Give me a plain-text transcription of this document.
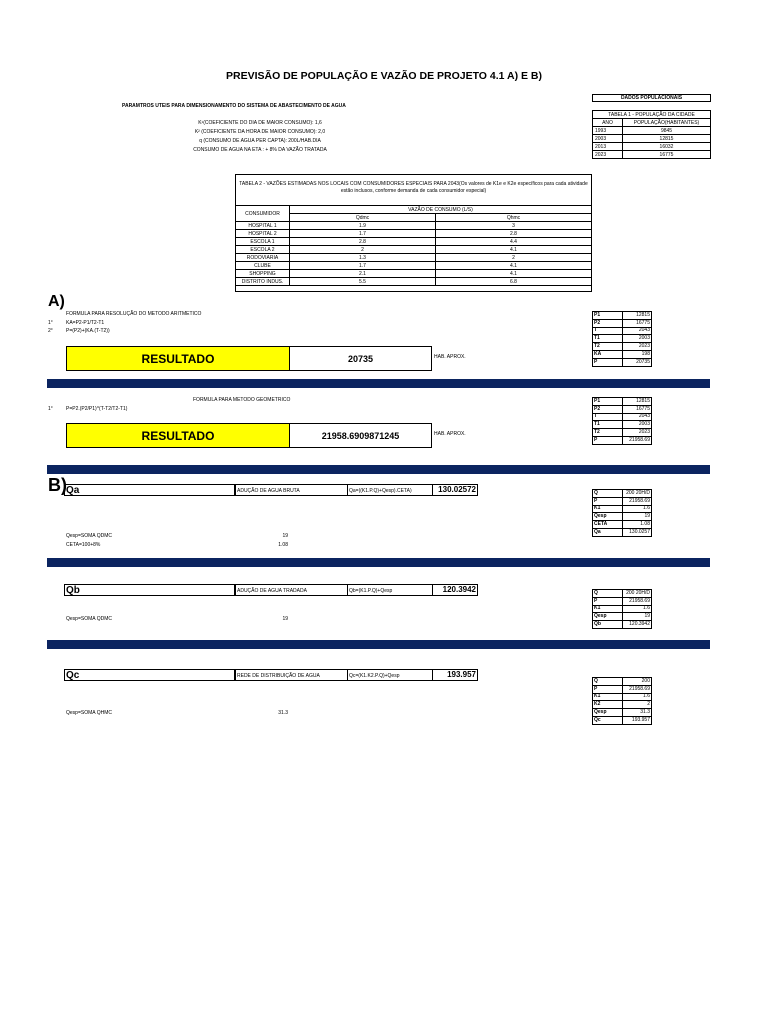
PREVISÃO DE POPULAÇÃO E VAZÃO DE PROJETO 4.1 A) E B)
PARAMTROS UTEIS PARA DIMENSIONAMENTO DO SISTEMA DE ABASTECIMENTO DE AGUA
K¹(COEFICIENTE DO DIA DE MAIOR CONSUMO): 1,6
K² (COEFICIENTE DA HORA DE MAIOR CONSUMO): 2,0
q (CONSUMO DE AGUA PER CAPTA): 200L/HAB.DIA
CONSUMO DE AGUA NA ETA : + 8% DA VAZÃO TRATADA
DADOS POPULACIONAIS
TABELA 1 - POPULAÇÃO DA CIDADE	
ANO	POPULAÇÃO(HABITANTES)
1993	9845
2003	12815
2013	16032
2023	16775
TABELA 2 - VAZÕES ESTIMADAS NOS LOCAIS COM CONSUMIDORES ESPECIAIS PARA 2043(Os valores de K1e e K2e específicos para cada atividade estão inclusos, conforme demanda de cada consumidor especial)
CONSUMIDOR	VAZÃO DE CONSUMO (L/S)	
	Qdmc	Qhmc
HOSPITAL 1	1.9	3
HOSPITAL 2	1.7	2.8
ESCOLA 1	2.8	4.4
ESCOLA 2	2	4.1
RODOVIARIA	1.3	2
CLUBE	1.7	4.1
SHOPPING	2.1	4.1
DISTRITO INDUS.	5.5	6.8
A)
FORMULA PARA RESOLUÇÃO DO METODO ARITMETICO
1°	KA=P2-P1/T2-T1
2°	P=(P2)+(KA.(T-T2))
RESULTADO	20735	HAB. APROX.
P1	12815
P2	16775
T	2043
T1	2003
T2	2023
KA	198
P	20735
FORMULA PARA METODO GEOMETRICO
1°	P=P2.(P2/P1)^(T-T2/T2-T1)
RESULTADO	21958.6909871245	HAB. APROX.
P1	12815
P2	16775
T	2043
T1	2003
T2	2023
P	21958.69
B) Qa	ADUÇÃO DE AGUA BRUTA	Qa=((K1.P.Q)+Qesp).CETA)	130.02572
Qesp=SOMA QDMC	19
CETA=100+8%	1.08
Q	200 20H/D
P	21958.69
K1	1.6
Qesp	19
CETA	1.08
Qa	130.0257
Qb	ADUÇÃO DE AGUA TRADADA	Qb=(K1.P.Q)+Qesp	120.3942
Qesp=SOMA QDMC	19
Q	200 20H/D
P	21958.69
K1	1.6
Qesp	19
Qb	120.3942
Qc	REDE DE DISTRIBUIÇÃO DE AGUA	Qc=(K1.K2.P.Q)+Qesp	193.957
Qesp=SOMA QHMC	31.3
Q	200
P	21958.69
K1	1.6
K2	2
Qesp	31.3
Qc	193.957
